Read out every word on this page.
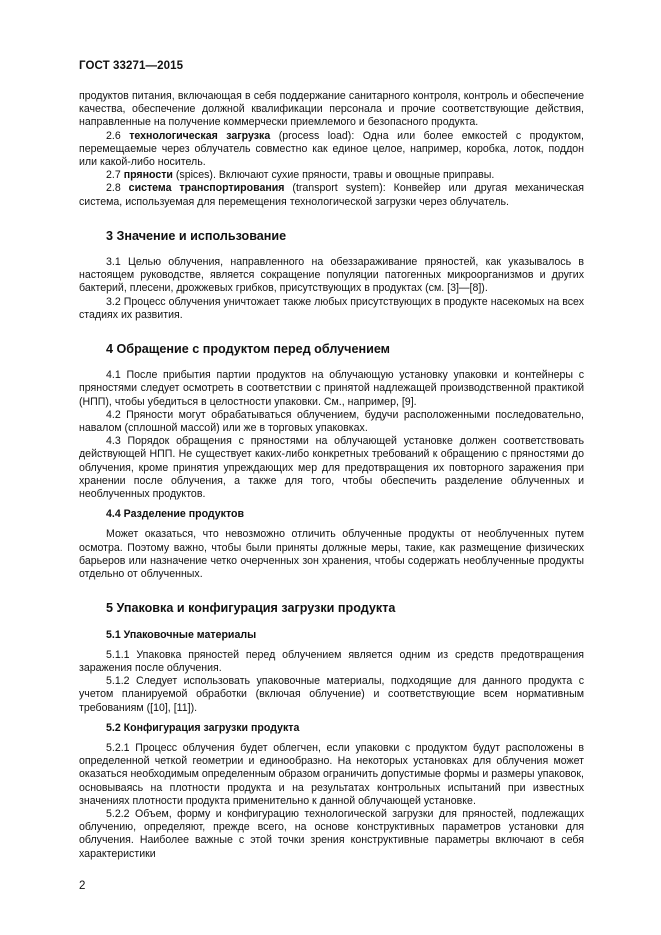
ГОСТ 33271—2015

продуктов питания, включающая в себя поддержание санитарного контроля, контроль и обеспечение качества, обеспечение должной квалификации персонала и прочие соответствующие действия, направленные на получение коммерчески приемлемого и безопасного продукта.

2.6 технологическая загрузка (process load): Одна или более емкостей с продуктом, перемещаемые через облучатель совместно как единое целое, например, коробка, лоток, поддон или какой-либо носитель.

2.7 пряности (spices). Включают сухие пряности, травы и овощные приправы.

2.8 система транспортирования (transport system): Конвейер или другая механическая система, используемая для перемещения технологической загрузки через облучатель.

3 Значение и использование

3.1 Целью облучения, направленного на обеззараживание пряностей, как указывалось в настоящем руководстве, является сокращение популяции патогенных микроорганизмов и других бактерий, плесени, дрожжевых грибков, присутствующих в продуктах (см. [3]—[8]).

3.2 Процесс облучения уничтожает также любых присутствующих в продукте насекомых на всех стадиях их развития.

4 Обращение с продуктом перед облучением

4.1 После прибытия партии продуктов на облучающую установку упаковки и контейнеры с пряностями следует осмотреть в соответствии с принятой надлежащей производственной практикой (НПП), чтобы убедиться в целостности упаковки. См., например, [9].

4.2 Пряности могут обрабатываться облучением, будучи расположенными последовательно, навалом (сплошной массой) или же в торговых упаковках.

4.3 Порядок обращения с пряностями на облучающей установке должен соответствовать действующей НПП. Не существует каких-либо конкретных требований к обращению с пряностями до облучения, кроме принятия упреждающих мер для предотвращения их повторного заражения при хранении после облучения, а также для того, чтобы обеспечить разделение облученных и необлученных продуктов.

4.4 Разделение продуктов

Может оказаться, что невозможно отличить облученные продукты от необлученных путем осмотра. Поэтому важно, чтобы были приняты должные меры, такие, как размещение физических барьеров или назначение четко очерченных зон хранения, чтобы содержать необлученные продукты отдельно от облученных.

5 Упаковка и конфигурация загрузки продукта

5.1 Упаковочные материалы

5.1.1 Упаковка пряностей перед облучением является одним из средств предотвращения заражения после облучения.

5.1.2 Следует использовать упаковочные материалы, подходящие для данного продукта с учетом планируемой обработки (включая облучение) и соответствующие всем нормативным требованиям ([10], [11]).

5.2 Конфигурация загрузки продукта

5.2.1 Процесс облучения будет облегчен, если упаковки с продуктом будут расположены в определенной четкой геометрии и единообразно. На некоторых установках для облучения может оказаться необходимым определенным образом ограничить допустимые формы и размеры упаковок, основываясь на плотности продукта и на результатах контрольных испытаний при известных значениях плотности продукта применительно к данной облучающей установке.

5.2.2 Объем, форму и конфигурацию технологической загрузки для пряностей, подлежащих облучению, определяют, прежде всего, на основе конструктивных параметров установки для облучения. Наиболее важные с этой точки зрения конструктивные параметры включают в себя характеристики

2
